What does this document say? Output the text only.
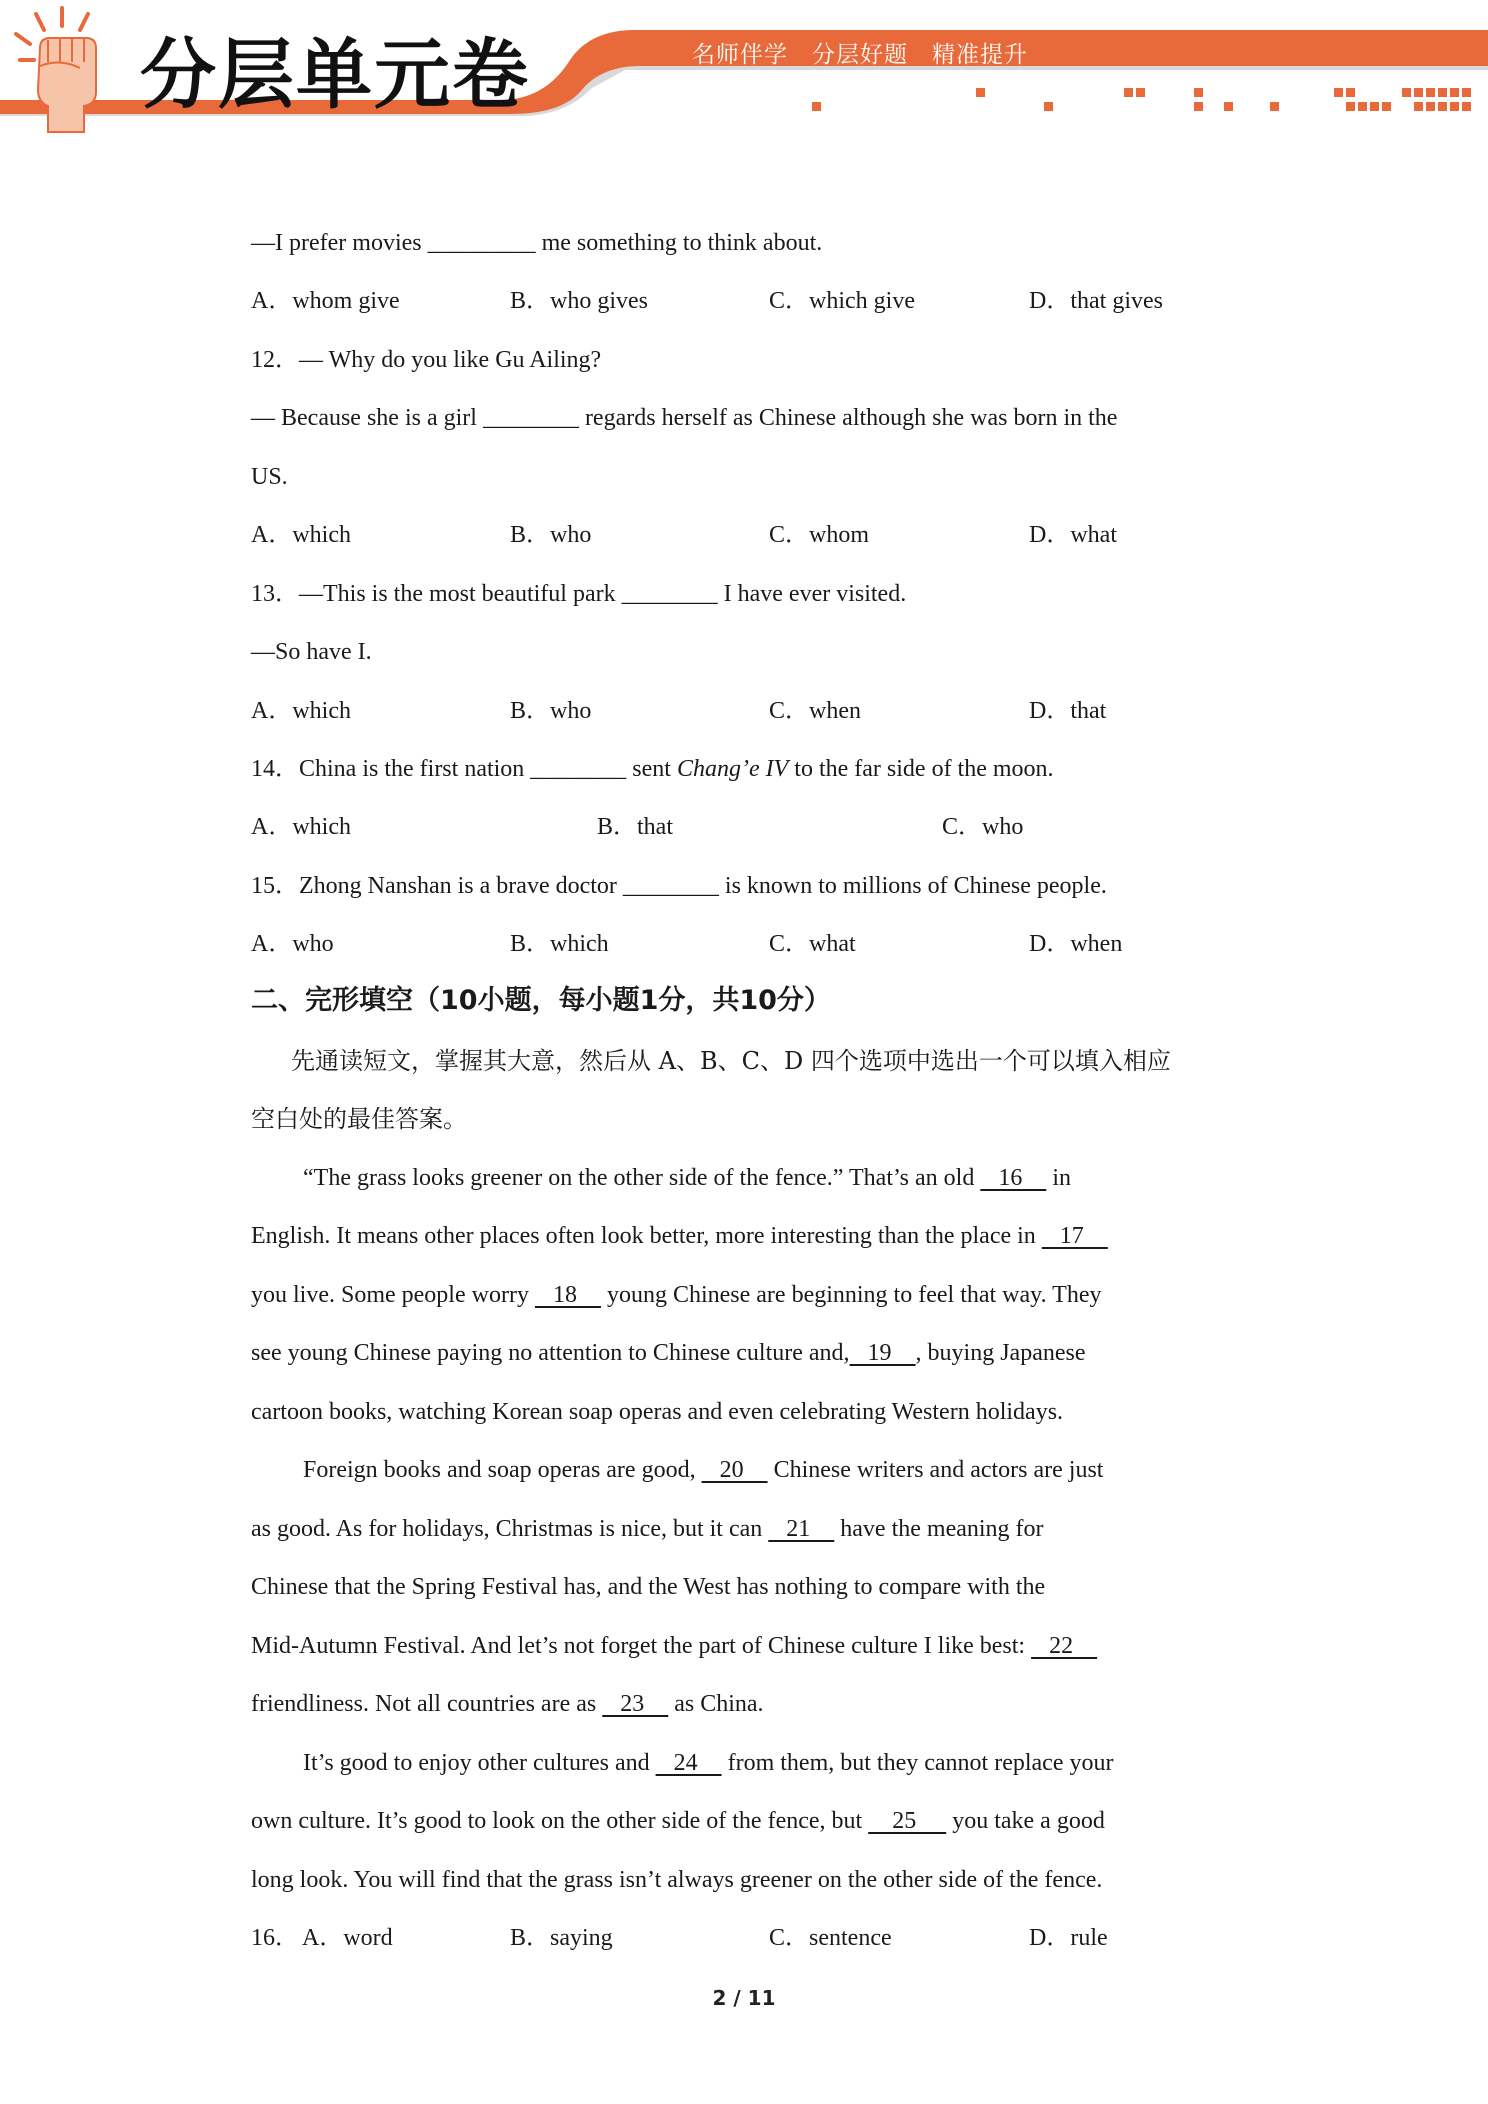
分层单元卷	名师伴学　分层好题　精准提升
—I prefer movies _________ me something to think about.
A．whom give	B．who gives	C．which give	D．that gives
12．— Why do you like Gu Ailing?
— Because she is a girl ________ regards herself as Chinese although she was born in the
US.
A．which	B．who	C．whom	D．what
13．—This is the most beautiful park ________ I have ever visited.
—So have I.
A．which	B．who	C．when	D．that
14．China is the first nation ________ sent Chang’e IV to the far side of the moon.
A．which	B．that	C．who
15．Zhong Nanshan is a brave doctor ________ is known to millions of Chinese people.
A．who	B．which	C．what	D．when
二、完形填空（10小题，每小题1分，共10分）
先通读短文，掌握其大意，然后从 A、B、C、D 四个选项中选出一个可以填入相应
空白处的最佳答案。
“The grass looks greener on the other side of the fence.” That’s an old    16     in
English. It means other places often look better, more interesting than the place in    17
you live. Some people worry    18     young Chinese are beginning to feel that way. They
see young Chinese paying no attention to Chinese culture and,   19    , buying Japanese
cartoon books, watching Korean soap operas and even celebrating Western holidays.
Foreign books and soap operas are good,    20     Chinese writers and actors are just
as good. As for holidays, Christmas is nice, but it can    21     have the meaning for
Chinese that the Spring Festival has, and the West has nothing to compare with the
Mid-Autumn Festival. And let’s not forget the part of Chinese culture I like best:    22
friendliness. Not all countries are as    23     as China.
It’s good to enjoy other cultures and    24     from them, but they cannot replace your
own culture. It’s good to look on the other side of the fence, but     25      you take a good
long look. You will find that the grass isn’t always greener on the other side of the fence.
16． A．word	B．saying	C．sentence	D．rule
2 / 11
